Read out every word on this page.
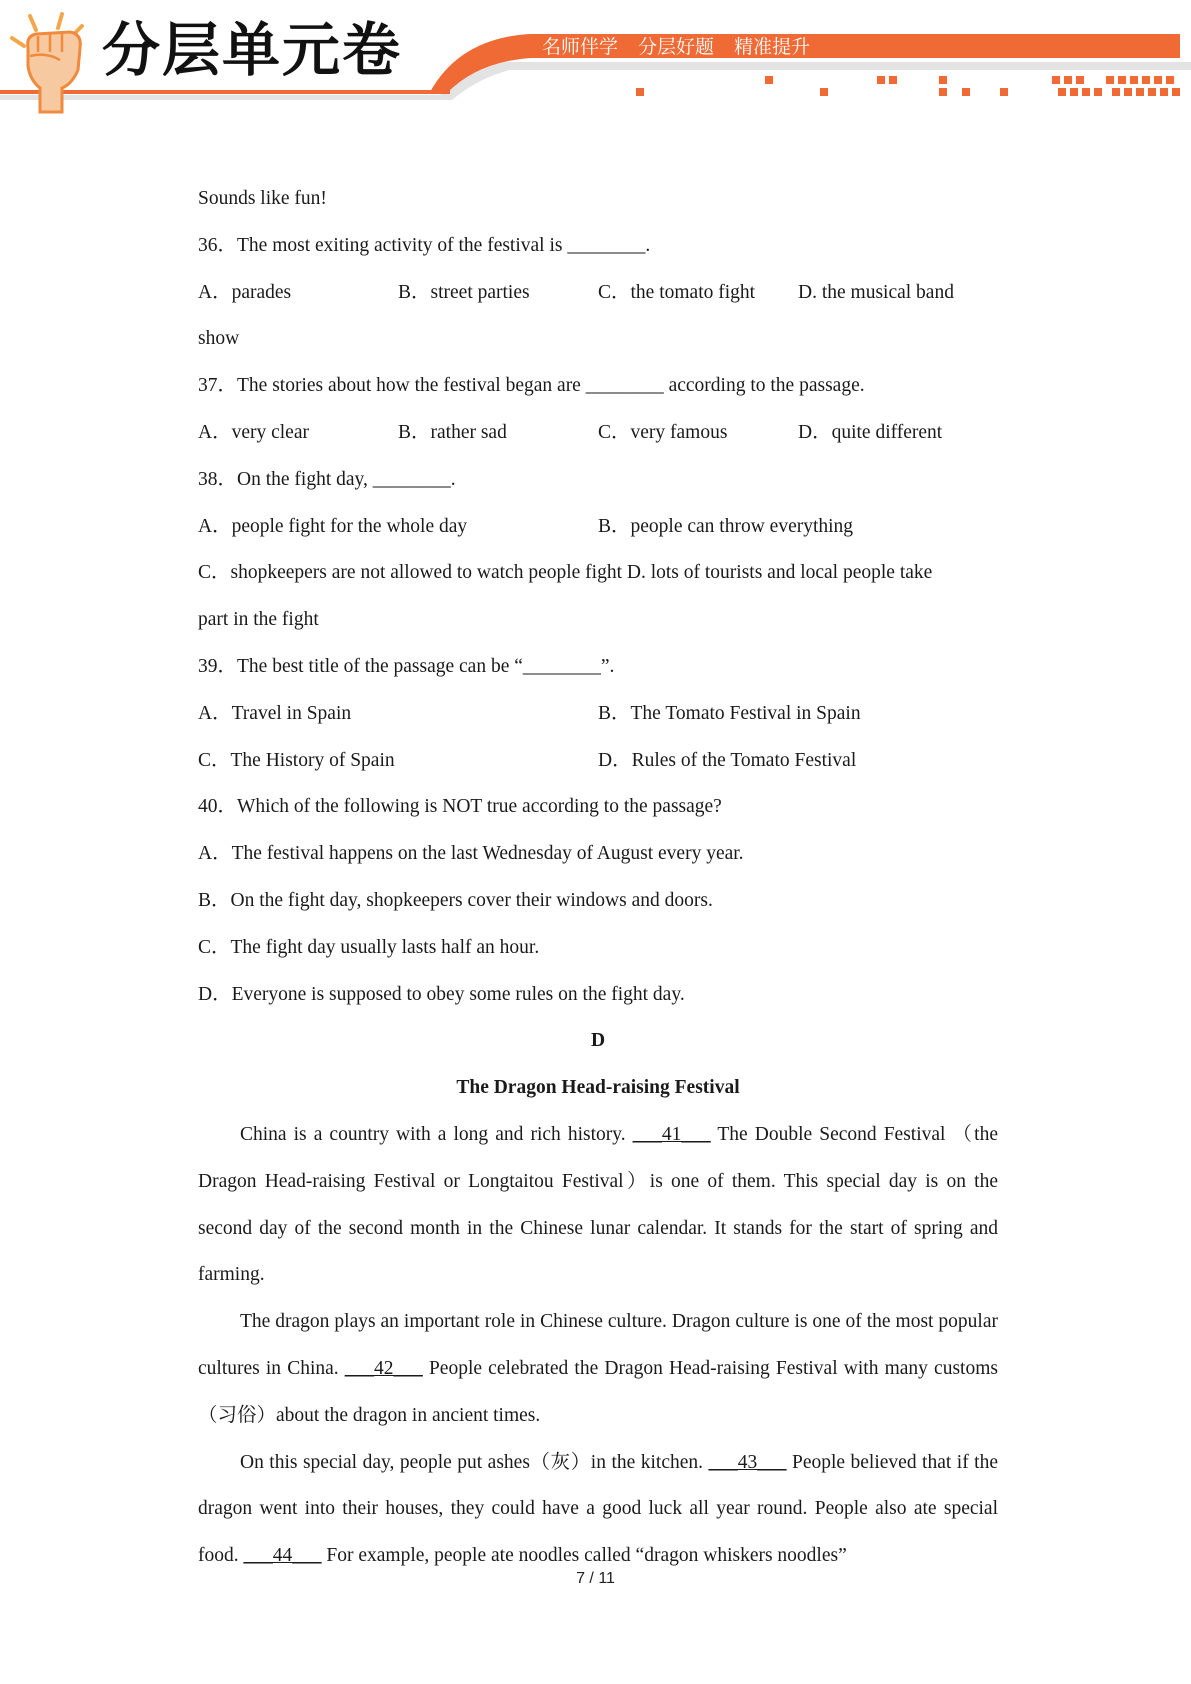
分层单元卷	名师伴学 分层好题 精准提升
Sounds like fun!
36．The most exiting activity of the festival is ________.
A．parades	B．street parties	C．the tomato fight	D. the musical band
show
37．The stories about how the festival began are ________ according to the passage.
A．very clear	B．rather sad	C．very famous	D．quite different
38．On the fight day, ________.
A．people fight for the whole day	B．people can throw everything
C．shopkeepers are not allowed to watch people fight D. lots of tourists and local people take
part in the fight
39．The best title of the passage can be “________”.
A．Travel in Spain	B．The Tomato Festival in Spain
C．The History of Spain	D．Rules of the Tomato Festival
40．Which of the following is NOT true according to the passage?
A．The festival happens on the last Wednesday of August every year.
B．On the fight day, shopkeepers cover their windows and doors.
C．The fight day usually lasts half an hour.
D．Everyone is supposed to obey some rules on the fight day.
D
The Dragon Head-raising Festival
China is a country with a long and rich history. ___41___ The Double Second Festival （the Dragon Head-raising Festival or Longtaitou Festival）is one of them. This special day is on the second day of the second month in the Chinese lunar calendar. It stands for the start of spring and farming.
The dragon plays an important role in Chinese culture. Dragon culture is one of the most popular cultures in China. ___42___ People celebrated the Dragon Head-raising Festival with many customs（习俗）about the dragon in ancient times.
On this special day, people put ashes（灰）in the kitchen. ___43___ People believed that if the dragon went into their houses, they could have a good luck all year round. People also ate special food. ___44___ For example, people ate noodles called “dragon whiskers noodles”
7 / 11
